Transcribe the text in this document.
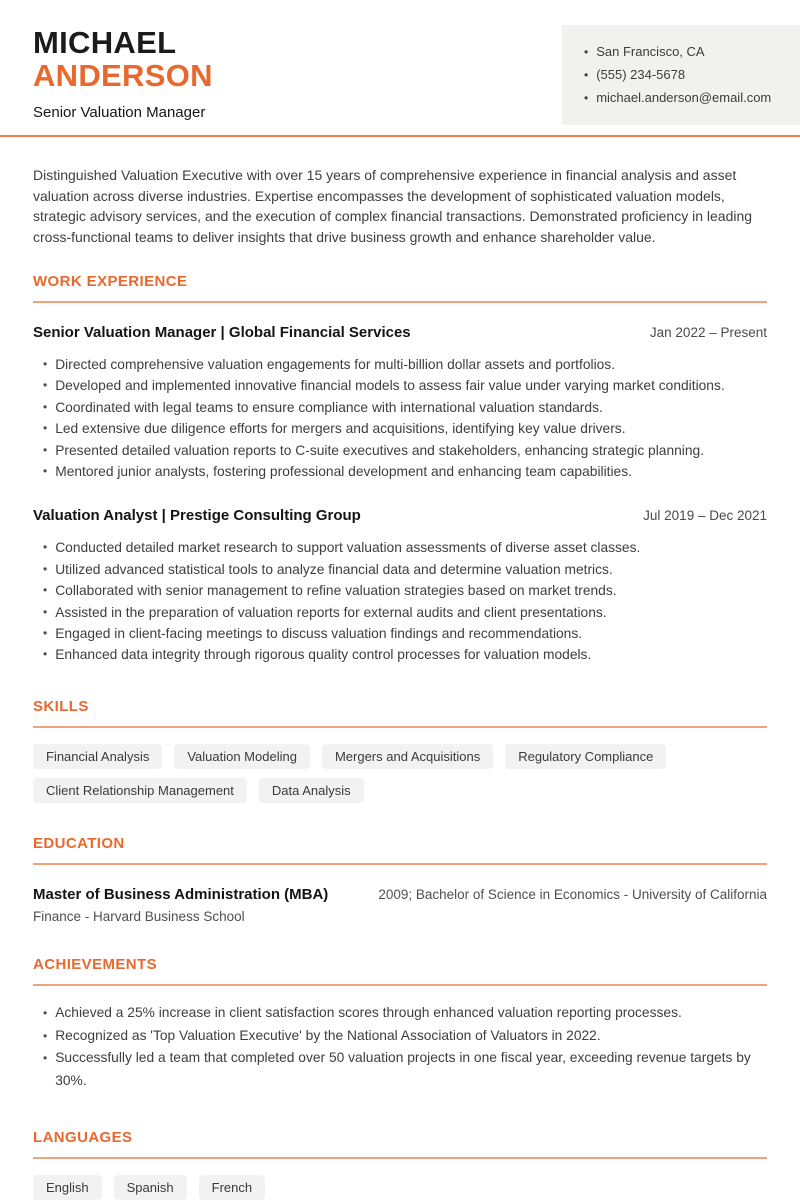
MICHAEL
ANDERSON
Senior Valuation Manager
• San Francisco, CA
• (555) 234-5678
• michael.anderson@email.com

Distinguished Valuation Executive with over 15 years of comprehensive experience in financial analysis and asset valuation across diverse industries. Expertise encompasses the development of sophisticated valuation models, strategic advisory services, and the execution of complex financial transactions. Demonstrated proficiency in leading cross-functional teams to deliver insights that drive business growth and enhance shareholder value.

WORK EXPERIENCE
Senior Valuation Manager | Global Financial Services	Jan 2022 – Present
• Directed comprehensive valuation engagements for multi-billion dollar assets and portfolios.
• Developed and implemented innovative financial models to assess fair value under varying market conditions.
• Coordinated with legal teams to ensure compliance with international valuation standards.
• Led extensive due diligence efforts for mergers and acquisitions, identifying key value drivers.
• Presented detailed valuation reports to C-suite executives and stakeholders, enhancing strategic planning.
• Mentored junior analysts, fostering professional development and enhancing team capabilities.
Valuation Analyst | Prestige Consulting Group	Jul 2019 – Dec 2021
• Conducted detailed market research to support valuation assessments of diverse asset classes.
• Utilized advanced statistical tools to analyze financial data and determine valuation metrics.
• Collaborated with senior management to refine valuation strategies based on market trends.
• Assisted in the preparation of valuation reports for external audits and client presentations.
• Engaged in client-facing meetings to discuss valuation findings and recommendations.
• Enhanced data integrity through rigorous quality control processes for valuation models.
SKILLS
Financial Analysis	Valuation Modeling	Mergers and Acquisitions	Regulatory Compliance
Client Relationship Management	Data Analysis
EDUCATION
Master of Business Administration (MBA)	2009; Bachelor of Science in Economics - University of California
Finance - Harvard Business School
ACHIEVEMENTS
• Achieved a 25% increase in client satisfaction scores through enhanced valuation reporting processes.
• Recognized as 'Top Valuation Executive' by the National Association of Valuators in 2022.
• Successfully led a team that completed over 50 valuation projects in one fiscal year, exceeding revenue targets by 30%.
LANGUAGES
English	Spanish	French
